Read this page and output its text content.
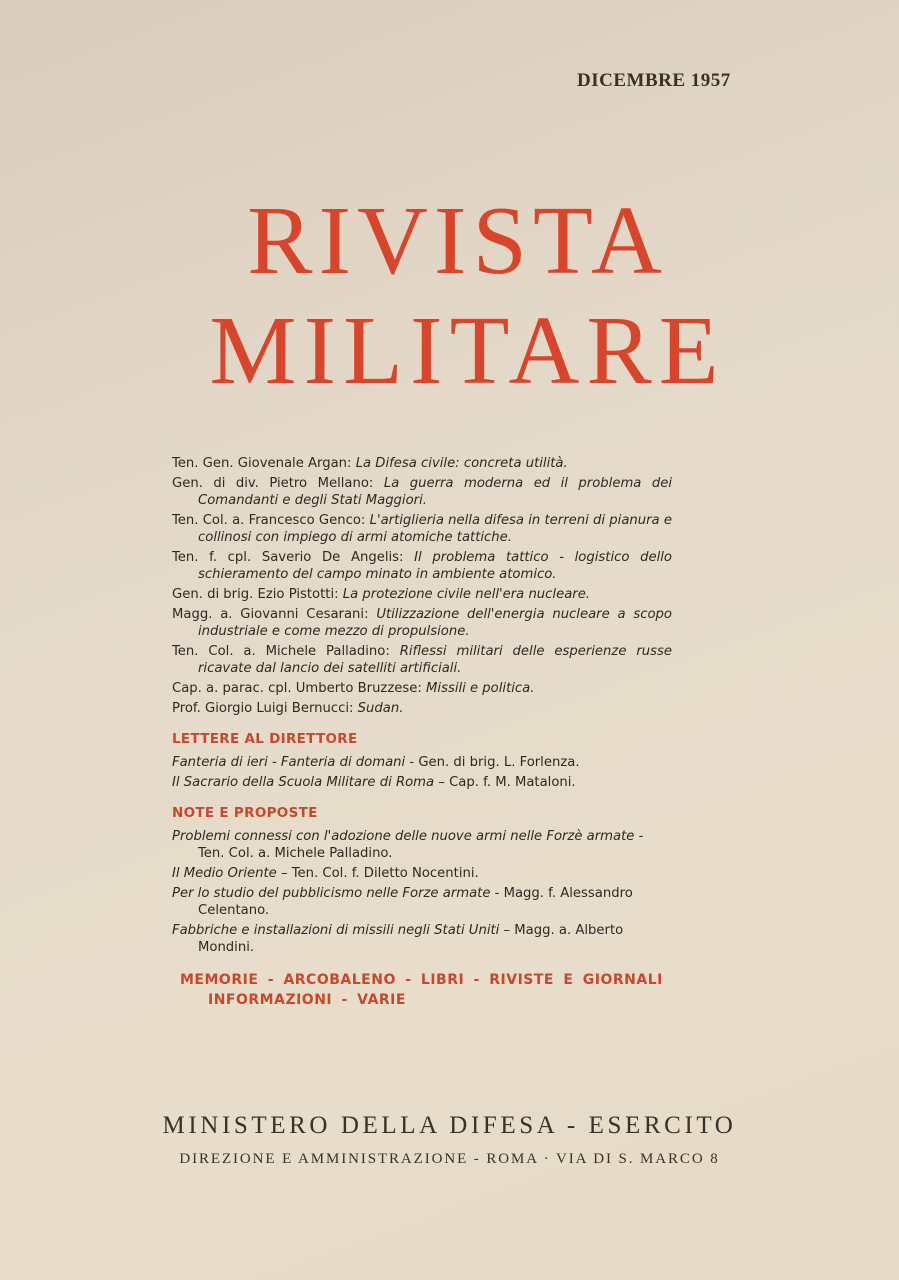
DICEMBRE 1957
RIVISTA
MILITARE
Ten. Gen. Giovenale Argan: La Difesa civile: concreta utilità.
Gen. di div. Pietro Mellano: La guerra moderna ed il problema dei Comandanti e degli Stati Maggiori.
Ten. Col. a. Francesco Genco: L'artiglieria nella difesa in terreni di pianura e collinosi con impiego di armi atomiche tattiche.
Ten. f. cpl. Saverio De Angelis: Il problema tattico - logistico dello schieramento del campo minato in ambiente atomico.
Gen. di brig. Ezio Pistotti: La protezione civile nell'era nucleare.
Magg. a. Giovanni Cesarani: Utilizzazione dell'energia nucleare a scopo industriale e come mezzo di propulsione.
Ten. Col. a. Michele Palladino: Riflessi militari delle esperienze russe ricavate dal lancio dei satelliti artificiali.
Cap. a. parac. cpl. Umberto Bruzzese: Missili e politica.
Prof. Giorgio Luigi Bernucci: Sudan.
LETTERE AL DIRETTORE
Fanteria di ieri - Fanteria di domani - Gen. di brig. L. Forlenza.
Il Sacrario della Scuola Militare di Roma – Cap. f. M. Mataloni.
NOTE E PROPOSTE
Problemi connessi con l'adozione delle nuove armi nelle Forzè armate - Ten. Col. a. Michele Palladino.
Il Medio Oriente – Ten. Col. f. Diletto Nocentini.
Per lo studio del pubblicismo nelle Forze armate - Magg. f. Alessandro Celentano.
Fabbriche e installazioni di missili negli Stati Uniti – Magg. a. Alberto Mondini.
MEMORIE - ARCOBALENO - LIBRI - RIVISTE E GIORNALI INFORMAZIONI - VARIE
MINISTERO DELLA DIFESA - ESERCITO
DIREZIONE E AMMINISTRAZIONE - ROMA · VIA DI S. MARCO 8
